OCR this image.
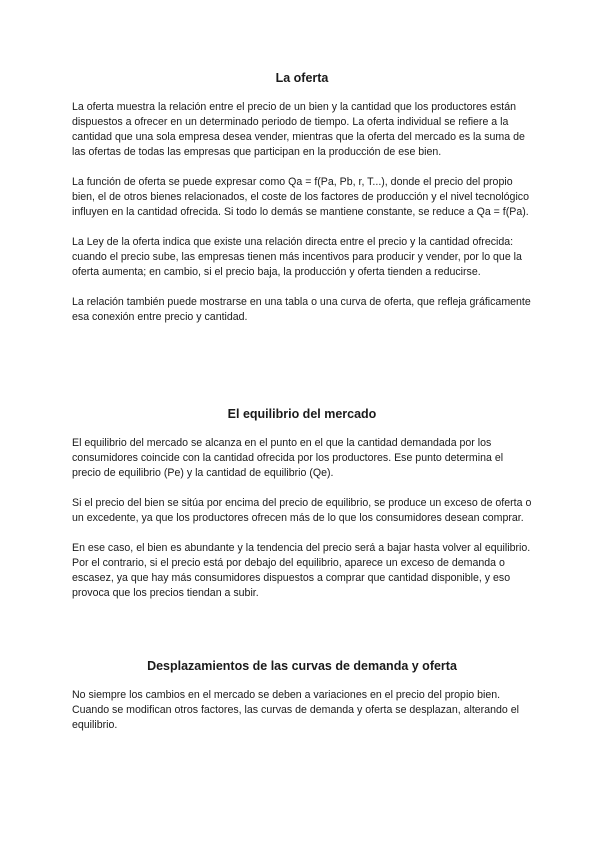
La oferta

La oferta muestra la relación entre el precio de un bien y la cantidad que los productores están dispuestos a ofrecer en un determinado periodo de tiempo. La oferta individual se refiere a la cantidad que una sola empresa desea vender, mientras que la oferta del mercado es la suma de las ofertas de todas las empresas que participan en la producción de ese bien.

La función de oferta se puede expresar como Qa = f(Pa, Pb, r, T...), donde el precio del propio bien, el de otros bienes relacionados, el coste de los factores de producción y el nivel tecnológico influyen en la cantidad ofrecida. Si todo lo demás se mantiene constante, se reduce a Qa = f(Pa).

La Ley de la oferta indica que existe una relación directa entre el precio y la cantidad ofrecida: cuando el precio sube, las empresas tienen más incentivos para producir y vender, por lo que la oferta aumenta; en cambio, si el precio baja, la producción y oferta tienden a reducirse.

La relación también puede mostrarse en una tabla o una curva de oferta, que refleja gráficamente esa conexión entre precio y cantidad.

El equilibrio del mercado

El equilibrio del mercado se alcanza en el punto en el que la cantidad demandada por los consumidores coincide con la cantidad ofrecida por los productores. Ese punto determina el precio de equilibrio (Pe) y la cantidad de equilibrio (Qe).

Si el precio del bien se sitúa por encima del precio de equilibrio, se produce un exceso de oferta o un excedente, ya que los productores ofrecen más de lo que los consumidores desean comprar.

En ese caso, el bien es abundante y la tendencia del precio será a bajar hasta volver al equilibrio. Por el contrario, si el precio está por debajo del equilibrio, aparece un exceso de demanda o escasez, ya que hay más consumidores dispuestos a comprar que cantidad disponible, y eso provoca que los precios tiendan a subir.

Desplazamientos de las curvas de demanda y oferta

No siempre los cambios en el mercado se deben a variaciones en el precio del propio bien. Cuando se modifican otros factores, las curvas de demanda y oferta se desplazan, alterando el equilibrio.
